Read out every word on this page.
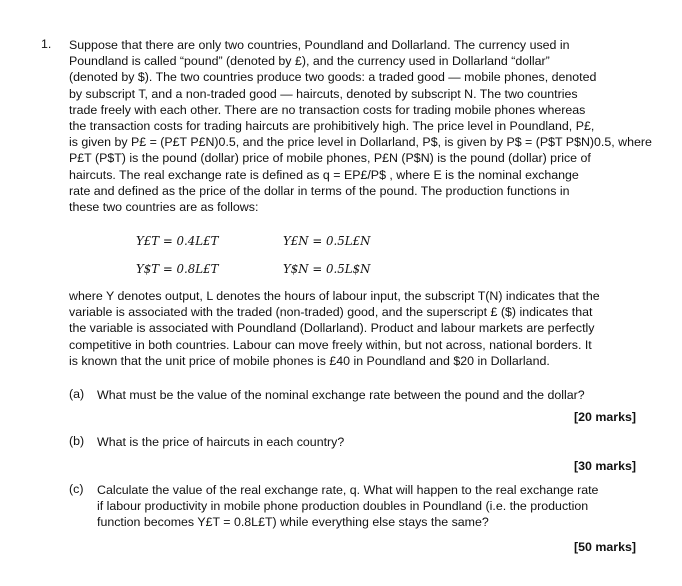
1. Suppose that there are only two countries, Poundland and Dollarland. The currency used in
Poundland is called “pound” (denoted by £), and the currency used in Dollarland “dollar”
(denoted by $). The two countries produce two goods: a traded good — mobile phones, denoted
by subscript T, and a non-traded good — haircuts, denoted by subscript N. The two countries
trade freely with each other. There are no transaction costs for trading mobile phones whereas
the transaction costs for trading haircuts are prohibitively high. The price level in Poundland, P£,
is given by P£ = (P£T P£N)0.5, and the price level in Dollarland, P$, is given by P$ = (P$T P$N)0.5, where
P£T (P$T) is the pound (dollar) price of mobile phones, P£N (P$N) is the pound (dollar) price of
haircuts. The real exchange rate is defined as q = EP£/P$ , where E is the nominal exchange
rate and defined as the price of the dollar in terms of the pound. The production functions in
these two countries are as follows:
Y£T = 0.4L£T	Y£N = 0.5L£N
Y$T = 0.8L£T	Y$N = 0.5L$N
where Y denotes output, L denotes the hours of labour input, the subscript T(N) indicates that the
variable is associated with the traded (non-traded) good, and the superscript £ ($) indicates that
the variable is associated with Poundland (Dollarland). Product and labour markets are perfectly
competitive in both countries. Labour can move freely within, but not across, national borders. It
is known that the unit price of mobile phones is £40 in Poundland and $20 in Dollarland.
(a) What must be the value of the nominal exchange rate between the pound and the dollar?
[20 marks]
(b) What is the price of haircuts in each country?
[30 marks]
(c) Calculate the value of the real exchange rate, q. What will happen to the real exchange rate
if labour productivity in mobile phone production doubles in Poundland (i.e. the production
function becomes Y£T = 0.8L£T) while everything else stays the same?
[50 marks]
